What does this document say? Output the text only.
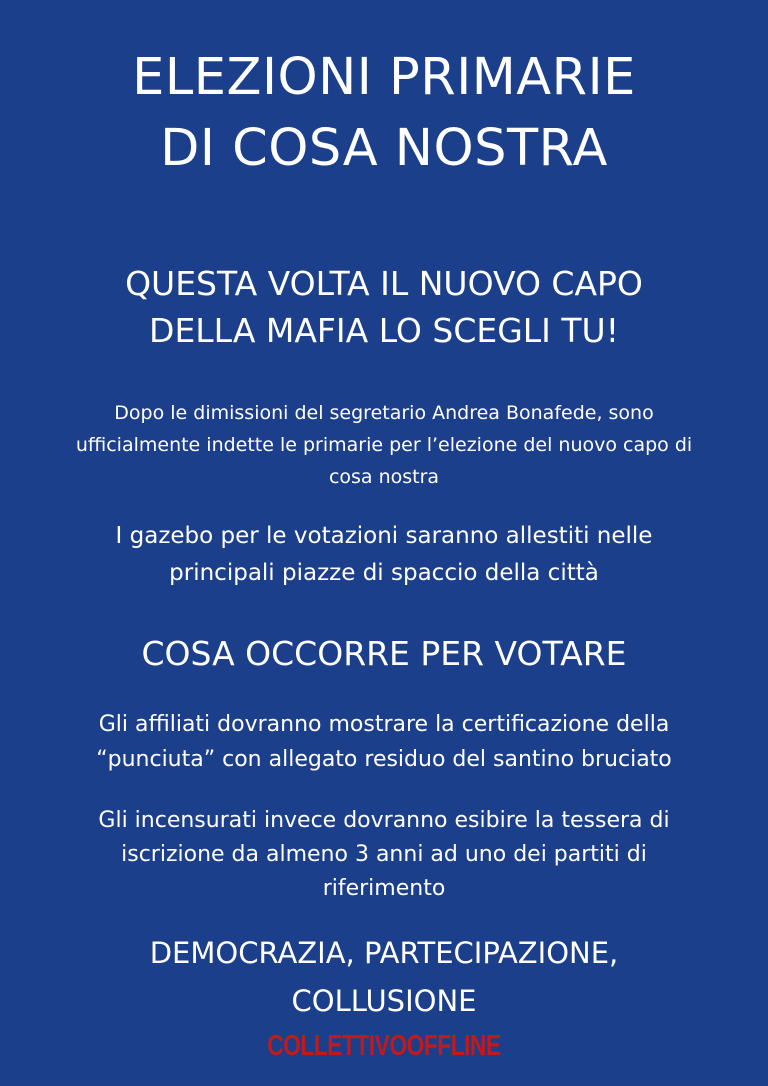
ELEZIONI PRIMARIE
DI COSA NOSTRA
QUESTA VOLTA IL NUOVO CAPO
DELLA MAFIA LO SCEGLI TU!

Dopo le dimissioni del segretario Andrea Bonafede, sono
ufficialmente indette le primarie per l’elezione del nuovo capo di
cosa nostra

I gazebo per le votazioni saranno allestiti nelle
principali piazze di spaccio della città

COSA OCCORRE PER VOTARE

Gli affiliati dovranno mostrare la certificazione della
“punciuta” con allegato residuo del santino bruciato

Gli incensurati invece dovranno esibire la tessera di
iscrizione da almeno 3 anni ad uno dei partiti di
riferimento

DEMOCRAZIA, PARTECIPAZIONE,
COLLUSIONE
COLLETTIVOOFFLINE
